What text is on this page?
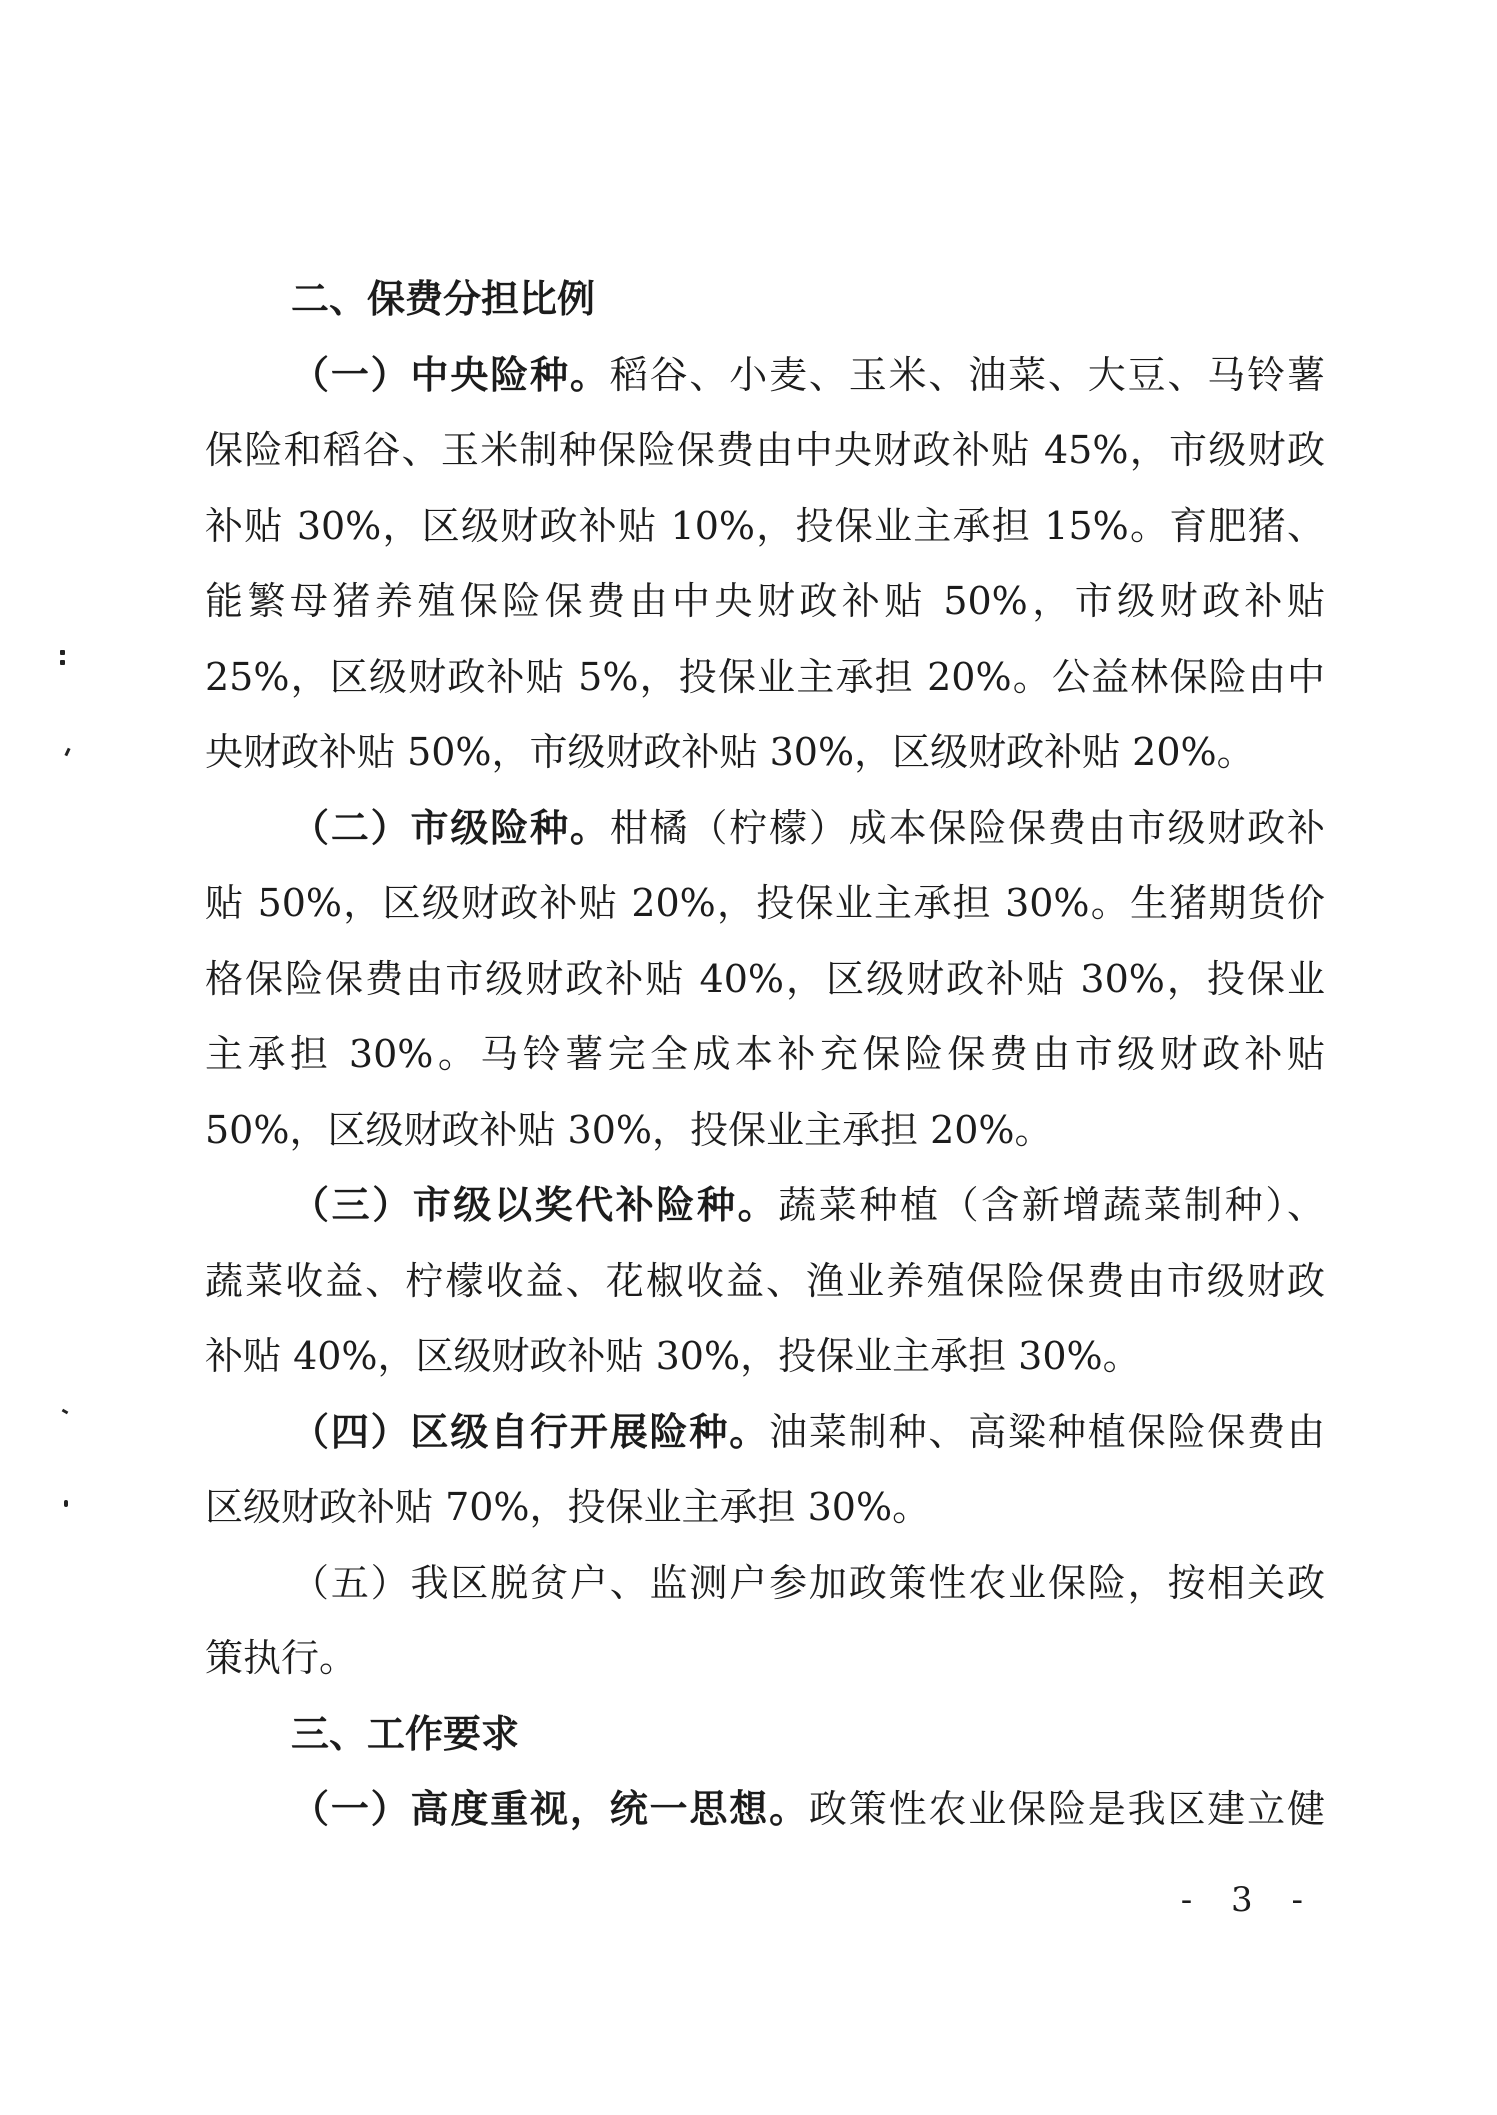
二、保费分担比例
（一）中央险种。稻谷、小麦、玉米、油菜、大豆、马铃薯
保险和稻谷、玉米制种保险保费由中央财政补贴 45%，市级财政
补贴 30%，区级财政补贴 10%，投保业主承担 15%。育肥猪、
能繁母猪养殖保险保费由中央财政补贴 50%，市级财政补贴
25%，区级财政补贴 5%，投保业主承担 20%。公益林保险由中
央财政补贴 50%，市级财政补贴 30%，区级财政补贴 20%。
（二）市级险种。柑橘（柠檬）成本保险保费由市级财政补
贴 50%，区级财政补贴 20%，投保业主承担 30%。生猪期货价
格保险保费由市级财政补贴 40%，区级财政补贴 30%，投保业
主承担 30%。马铃薯完全成本补充保险保费由市级财政补贴
50%，区级财政补贴 30%，投保业主承担 20%。
（三）市级以奖代补险种。蔬菜种植（含新增蔬菜制种）、
蔬菜收益、柠檬收益、花椒收益、渔业养殖保险保费由市级财政
补贴 40%，区级财政补贴 30%，投保业主承担 30%。
（四）区级自行开展险种。油菜制种、高粱种植保险保费由
区级财政补贴 70%，投保业主承担 30%。
（五）我区脱贫户、监测户参加政策性农业保险，按相关政
策执行。
三、工作要求
（一）高度重视，统一思想。政策性农业保险是我区建立健
- 3 -
